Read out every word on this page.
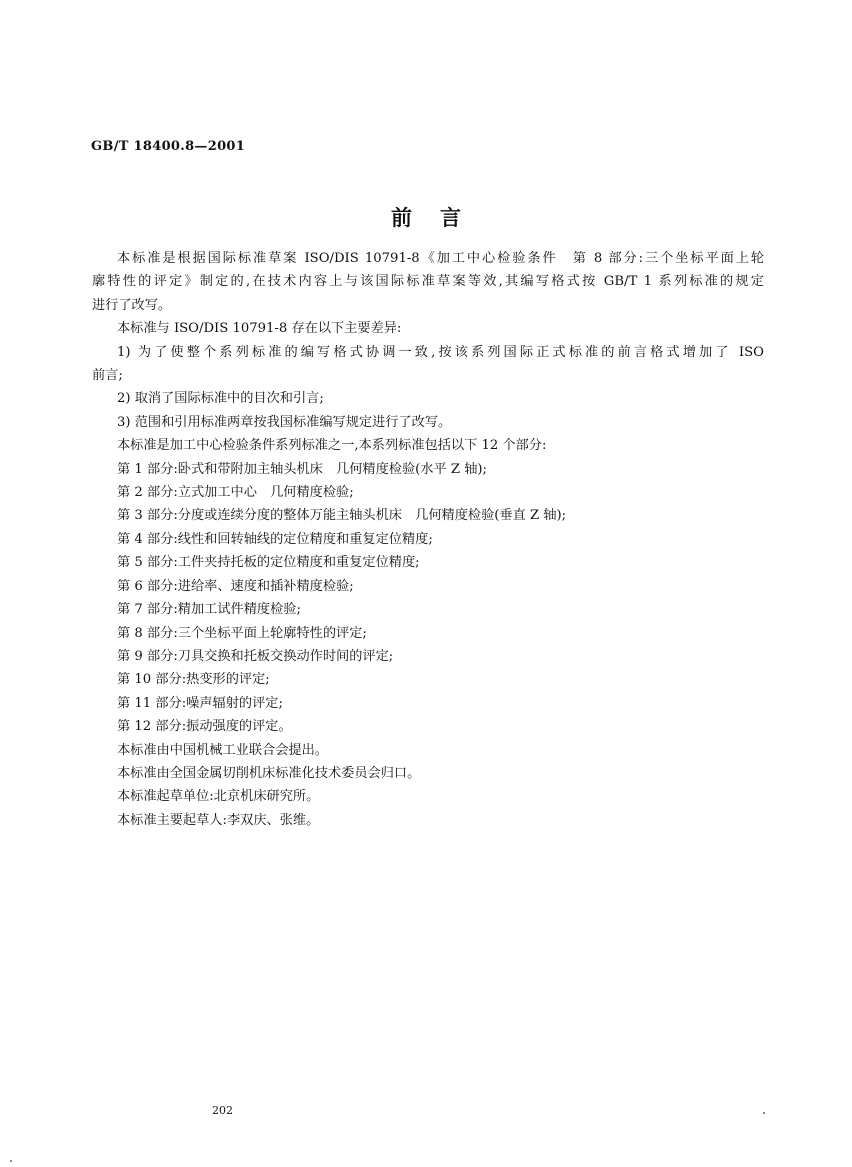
GB/T 18400.8—2001
前 言
本标准是根据国际标准草案 ISO/DIS 10791-8《加工中心检验条件　第 8 部分:三个坐标平面上轮
廓特性的评定》制定的,在技术内容上与该国际标准草案等效,其编写格式按 GB/T 1 系列标准的规定
进行了改写。
本标准与 ISO/DIS 10791-8 存在以下主要差异:
1) 为了使整个系列标准的编写格式协调一致,按该系列国际正式标准的前言格式增加了 ISO
前言;
2) 取消了国际标准中的目次和引言;
3) 范围和引用标准两章按我国标准编写规定进行了改写。
本标准是加工中心检验条件系列标准之一,本系列标准包括以下 12 个部分:
第 1 部分:卧式和带附加主轴头机床　几何精度检验(水平 Z 轴);
第 2 部分:立式加工中心　几何精度检验;
第 3 部分:分度或连续分度的整体万能主轴头机床　几何精度检验(垂直 Z 轴);
第 4 部分:线性和回转轴线的定位精度和重复定位精度;
第 5 部分:工件夹持托板的定位精度和重复定位精度;
第 6 部分:进给率、速度和插补精度检验;
第 7 部分:精加工试件精度检验;
第 8 部分:三个坐标平面上轮廓特性的评定;
第 9 部分:刀具交换和托板交换动作时间的评定;
第 10 部分:热变形的评定;
第 11 部分:噪声辐射的评定;
第 12 部分:振动强度的评定。
本标准由中国机械工业联合会提出。
本标准由全国金属切削机床标准化技术委员会归口。
本标准起草单位:北京机床研究所。
本标准主要起草人:李双庆、张维。
202
